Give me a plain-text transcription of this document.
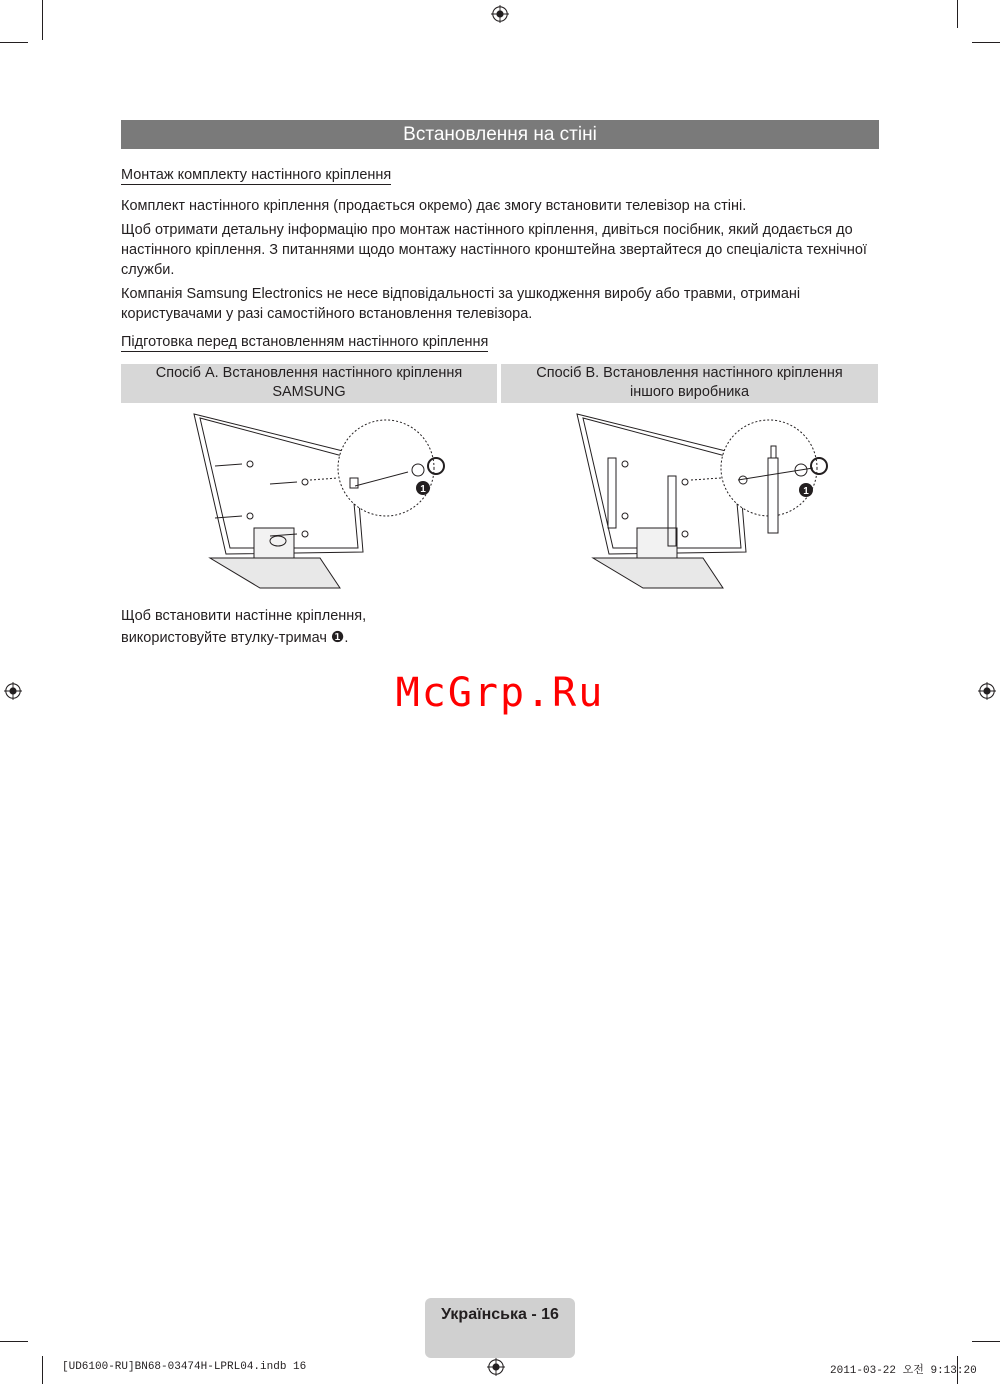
Встановлення на стіні
Монтаж комплекту настінного кріплення

Комплект настінного кріплення (продається окремо) дає змогу встановити телевізор на стіні.

Щоб отримати детальну інформацію про монтаж настінного кріплення, дивіться посібник, який додається до настінного кріплення. З питаннями щодо монтажу настінного кронштейна звертайтеся до спеціаліста технічної служби.

Компанія Samsung Electronics не несе відповідальності за ушкодження виробу або травми, отримані користувачами у разі самостійного встановлення телевізора.

Підготовка перед встановленням настінного кріплення
Спосіб A. Встановлення настінного кріплення
SAMSUNG
Спосіб B. Встановлення настінного кріплення
іншого виробника
1	1
Щоб встановити настінне кріплення,
використовуйте втулку-тримач ❶.
McGrp.Ru
Українська - 16
[UD6100-RU]BN68-03474H-LPRL04.indb 16	2011-03-22 오전 9:13:20
